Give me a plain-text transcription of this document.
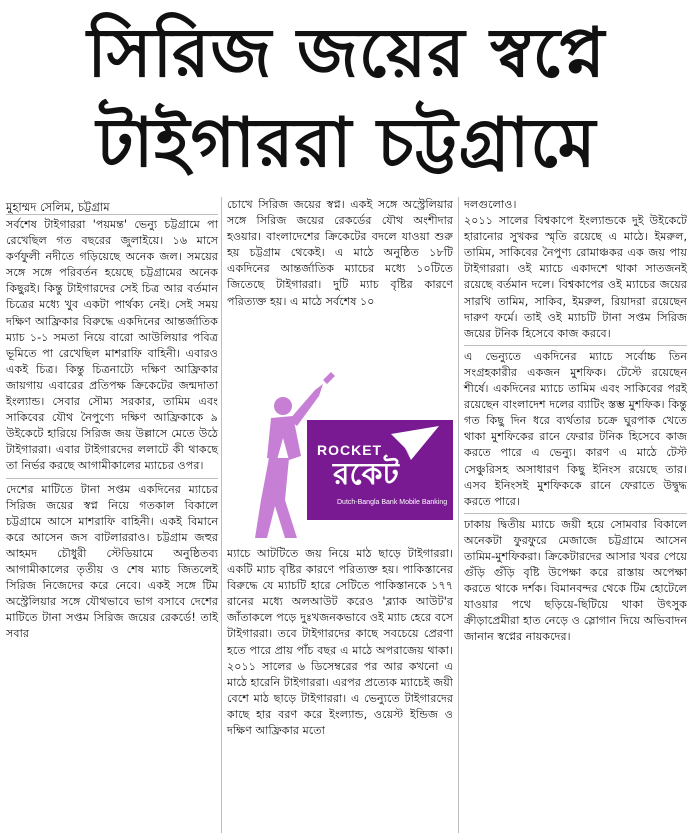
সিরিজ জয়ের স্বপ্নে
টাইগাররা চট্টগ্রামে
মুহাম্মদ সেলিম, চট্টগ্রাম

সর্বশেষ টাইগাররা 'পয়মন্ত' ভেন্যু চট্টগ্রামে পা রেখেছিল গত বছরের জুলাইয়ে। ১৬ মাসে কর্ণফুলী নদীতে গড়িয়েছে অনেক জল। সময়ের সঙ্গে সঙ্গে পরিবর্তন হয়েছে চট্টগ্রামের অনেক কিছুরই। কিন্তু টাইগারদের সেই চিত্র আর বর্তমান চিত্রের মধ্যে খুব একটা পার্থক্য নেই। সেই সময় দক্ষিণ আফ্রিকার বিরুদ্ধে একদিনের আন্তর্জাতিক ম্যাচ ১-১ সমতা নিয়ে বারো আউলিয়ার পবিত্র ভূমিতে পা রেখেছিল মাশরাফি বাহিনী। এবারও একই চিত্র। কিন্তু চিত্রনাট্যে দক্ষিণ আফ্রিকার জায়গায় এবারের প্রতিপক্ষ ক্রিকেটের জন্মদাতা ইংল্যান্ড। সেবার সৌম্য সরকার, তামিম এবং সাকিবের যৌথ নৈপুণ্যে দক্ষিণ আফ্রিকাকে ৯ উইকেটে হারিয়ে সিরিজ জয় উল্লাসে মেতে উঠে টাইগাররা। এবার টাইগারদের ললাটে কী থাকছে তা নির্ভর করছে আগামীকালের ম্যাচের ওপর।

দেশের মাটিতে টানা সপ্তম একদিনের ম্যাচের সিরিজ জয়ের স্বপ্ন নিয়ে গতকাল বিকালে চট্টগ্রামে আসে মাশরাফি বাহিনী। একই বিমানে করে আসেন জস বাটলাররাও। চট্টগ্রাম জহুর আহমদ চৌধুরী স্টেডিয়ামে অনুষ্ঠিতব্য আগামীকালের তৃতীয় ও শেষ ম্যাচ জিতলেই সিরিজ নিজেদের করে নেবে। একই সঙ্গে টিম অস্ট্রেলিয়ার সঙ্গে যৌথভাবে ভাগ বসাবে দেশের মাটিতে টানা সপ্তম সিরিজ জয়ের রেকর্ডে! তাই সবার

চোখে সিরিজ জয়ের স্বপ্ন। একই সঙ্গে অস্ট্রেলিয়ার সঙ্গে সিরিজ জয়ের রেকর্ডের যৌথ অংশীদার হওয়ার। বাংলাদেশের ক্রিকেটের বদলে যাওয়া শুরু হয় চট্টগ্রাম থেকেই। এ মাঠে অনুষ্ঠিত ১৮টি একদিনের আন্তর্জাতিক ম্যাচের মধ্যে ১০টিতে জিতেছে টাইগাররা। দুটি ম্যাচ বৃষ্টির কারণে পরিত্যক্ত হয়। এ মাঠে সর্বশেষ ১০

ROCKET
রকেট
Dutch-Bangla Bank Mobile Banking

ম্যাচে আটটিতে জয় নিয়ে মাঠ ছাড়ে টাইগাররা। একটি ম্যাচ বৃষ্টির কারণে পরিত্যক্ত হয়। পাকিস্তানের বিরুদ্ধে যে ম্যাচটি হারে সেটিতে পাকিস্তানকে ১৭৭ রানের মধ্যে অলআউট করেও 'ব্ল্যাক আউট'র জাঁতাকলে পড়ে দুঃখজনকভাবে ওই ম্যাচ হেরে বসে টাইগাররা। তবে টাইগারদের কাছে সবচেয়ে প্রেরণা হতে পারে প্রায় পাঁচ বছর এ মাঠে অপরাজেয় থাকা। ২০১১ সালের ৬ ডিসেম্বরের পর আর কখনো এ মাঠে হারেনি টাইগাররা। এরপর প্রত্যেক ম্যাচেই জয়ী বেশে মাঠ ছাড়ে টাইগাররা। এ ভেন্যুতে টাইগারদের কাছে হার বরণ করে ইংল্যান্ড, ওয়েস্ট ইন্ডিজ ও দক্ষিণ আফ্রিকার মতো

দলগুলোও।

২০১১ সালের বিশ্বকাপে ইংল্যান্ডকে দুই উইকেটে হারানোর সুখকর স্মৃতি রয়েছে এ মাঠে। ইমরুল, তামিম, সাকিবের নৈপুণ্য রোমাঞ্চকর এক জয় পায় টাইগাররা। ওই ম্যাচে একাদশে থাকা সাতজনই রয়েছে বর্তমান দলে। বিশ্বকাপের ওই ম্যাচের জয়ের সারথি তামিম, সাকিব, ইমরুল, রিয়াদরা রয়েছেন দারুণ ফর্মে। তাই ওই ম্যাচটি টানা সপ্তম সিরিজ জয়ের টনিক হিসেবে কাজ করবে।

এ ভেন্যুতে একদিনের ম্যাচে সর্বোচ্চ তিন সংগ্রহকারীর একজন মুশফিক। টেস্টে রয়েছেন শীর্ষে। একদিনের ম্যাচে তামিম এবং সাকিবের পরই রয়েছেন বাংলাদেশ দলের ব্যাটিং স্তম্ভ মুশফিক। কিন্তু গত কিছু দিন ধরে ব্যর্থতার চক্রে ঘুরপাক খেতে থাকা মুশফিকের রানে ফেরার টনিক হিসেবে কাজ করতে পারে এ ভেন্যু। কারণ এ মাঠে টেস্ট সেঞ্চুরিসহ অসাধারণ কিছু ইনিংস রয়েছে তার। এসব ইনিংসই মুশফিককে রানে ফেরাতে উদ্বুদ্ধ করতে পারে।

ঢাকায় দ্বিতীয় ম্যাচে জয়ী হয়ে সোমবার বিকালে অনেকটা ফুরফুরে মেজাজে চট্টগ্রামে আসেন তামিম-মুশফিকরা। ক্রিকেটারদের আসার খবর পেয়ে গুঁড়ি গুঁড়ি বৃষ্টি উপেক্ষা করে রাস্তায় অপেক্ষা করতে থাকে দর্শক। বিমানবন্দর থেকে টিম হোটেলে যাওয়ার পথে ছড়িয়ে-ছিটিয়ে থাকা উৎসুক ক্রীড়াপ্রেমীরা হাত নেড়ে ও স্লোগান দিয়ে অভিবাদন জানান স্বপ্নের নায়কদের।
